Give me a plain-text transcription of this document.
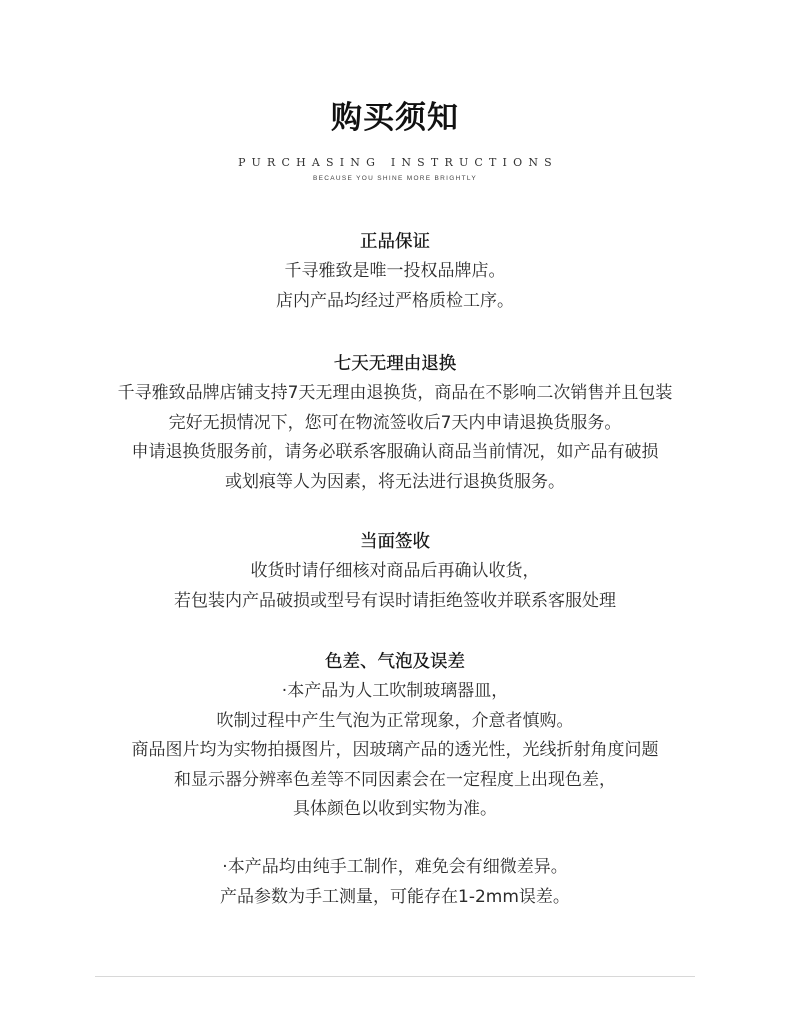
购买须知
PURCHASING INSTRUCTIONS
BECAUSE YOU SHINE MORE BRIGHTLY
正品保证

千寻雅致是唯一投权品牌店。

店内产品均经过严格质检工序。

七天无理由退换

千寻雅致品牌店铺支持7天无理由退换货，商品在不影响二次销售并且包装

完好无损情况下，您可在物流签收后7天内申请退换货服务。

申请退换货服务前，请务必联系客服确认商品当前情况，如产品有破损

或划痕等人为因素，将无法进行退换货服务。

当面签收

收货时请仔细核对商品后再确认收货，

若包装内产品破损或型号有误时请拒绝签收并联系客服处理

色差、气泡及误差

·本产品为人工吹制玻璃器皿，

吹制过程中产生气泡为正常现象，介意者慎购。

商品图片均为实物拍摄图片，因玻璃产品的透光性，光线折射角度问题

和显示器分辨率色差等不同因素会在一定程度上出现色差，

具体颜色以收到实物为准。

·本产品均由纯手工制作，难免会有细微差异。

产品参数为手工测量，可能存在1-2mm误差。
